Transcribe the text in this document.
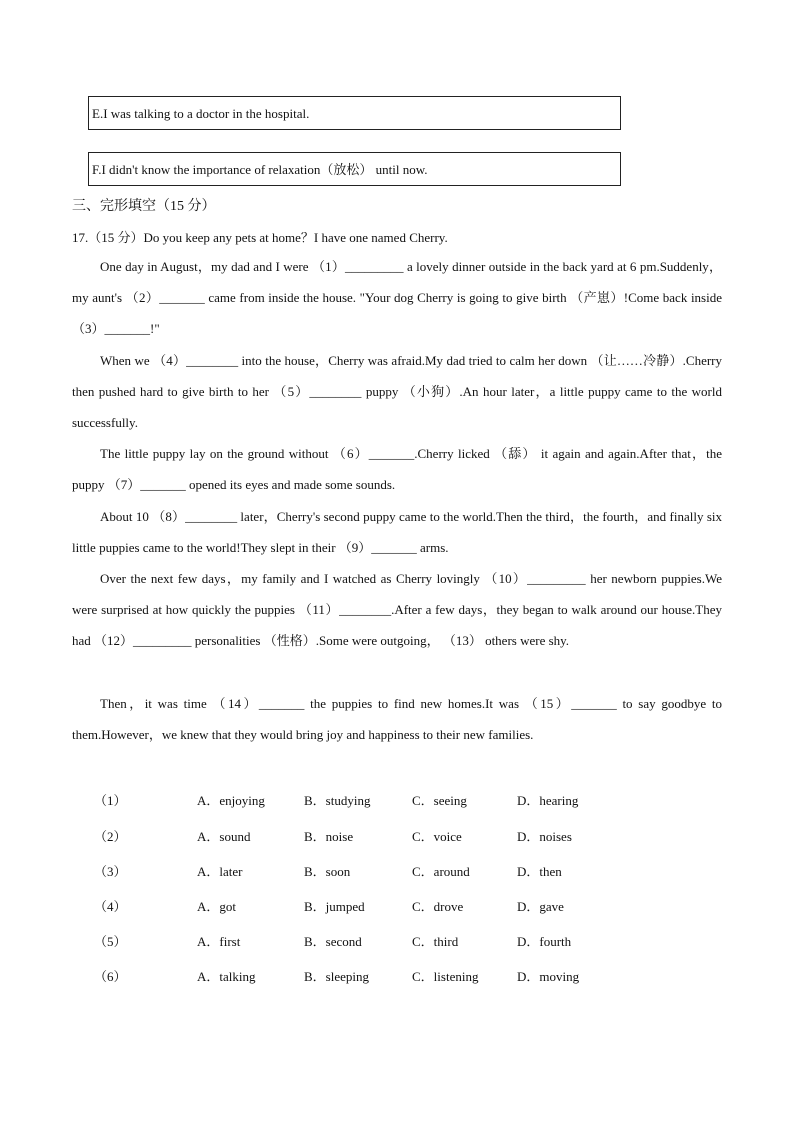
E.I was talking to a doctor in the hospital.
F.I didn't know the importance of relaxation（放松） until now.
三、完形填空（15 分）
17.（15 分）Do you keep any pets at home？I have one named Cherry.

One day in August，my dad and I were （1）_________ a lovely dinner outside in the back yard at 6 pm.Suddenly，my aunt's （2）_______ came from inside the house. "Your dog Cherry is going to give birth （产崽）!Come back inside （3）_______!"

When we （4）________ into the house，Cherry was afraid.My dad tried to calm her down （让……冷静）.Cherry then pushed hard to give birth to her （5）________ puppy （小狗）.An hour later，a little puppy came to the world successfully.

The little puppy lay on the ground without （6）_______.Cherry licked （舔） it again and again.After that，the puppy （7）_______ opened its eyes and made some sounds.

About 10 （8）________ later，Cherry's second puppy came to the world.Then the third，the fourth，and finally six little puppies came to the world!They slept in their （9）_______ arms.

Over the next few days，my family and I watched as Cherry lovingly （10）_________ her newborn puppies.We were surprised at how quickly the puppies （11）________.After a few days，they began to walk around our house.They had （12）_________ personalities （性格）.Some were outgoing， （13） others were shy.

Then，it was time （14）_______ the puppies to find new homes.It was （15）_______ to say goodbye to them.However，we knew that they would bring joy and happiness to their new families.

（1）	A．enjoying	B．studying	C．seeing	D．hearing
（2）	A．sound	B．noise	C．voice	D．noises
（3）	A．later	B．soon	C．around	D．then
（4）	A．got	B．jumped	C．drove	D．gave
（5）	A．first	B．second	C．third	D．fourth
（6）	A．talking	B．sleeping	C．listening	D．moving
